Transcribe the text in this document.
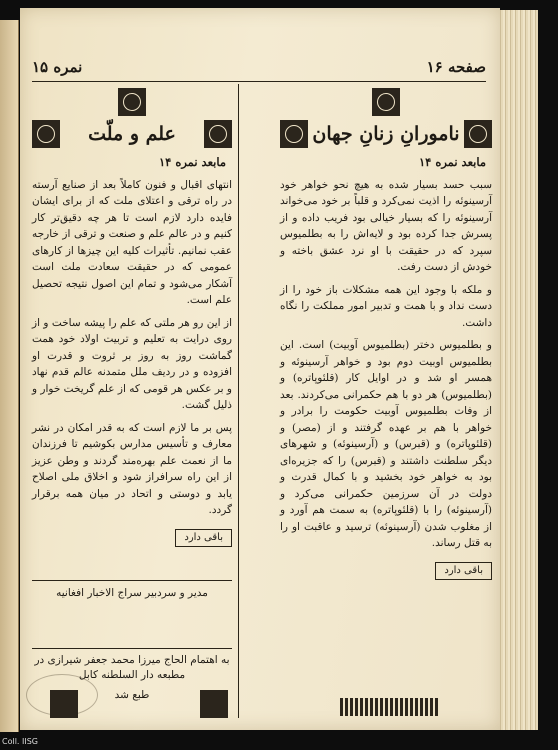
صفحه ۱۶
نمره ۱۵
نامورانِ زنانِ جهان
مابعد نمره ۱۴

سبب حسد بسیار شده به هیچ نحو خواهر خود آرسینوئه را اذیت نمی‌کرد و قلباً بر خود می‌خواند آرسینوئه را که بسیار خیالی بود فریب داده و از پسرش جدا کرده بود و لایه‌اش را به بطلمیوس سپرد که در حقیقت با او نرد عشق باخته و خودش از دست رفت.

و ملکه با وجود این همه مشکلات باز خود را از دست نداد و با همت و تدبیر امور مملکت را نگاه داشت.

و بطلمیوس دختر (بطلمیوس آوبیت) است. این بطلمیوس اوبیت دوم بود و خواهر آرسینوئه و همسر او شد و در اوایل کار (قلئوپاتره) و (بطلمیوس) هر دو با هم حکمرانی می‌کردند. بعد از وفات بطلمیوس آوبیت حکومت را برادر و خواهر با هم بر عهده گرفتند و از (مصر) و (قلئوپاتره) و (قبرس) و (آرسینوئه) و شهرهای دیگر سلطنت داشتند و (قبرس) را که جزیره‌ای بود به خواهر خود بخشید و با کمال قدرت و دولت در آن سرزمین حکمرانی می‌کرد و (آرسینوئه) را با (قلئوپاتره) به سمت هم آورد و از مغلوب شدن (آرسینوئه) ترسید و عاقبت او را به قتل رساند.

باقی دارد
علم و ملّت
مابعد نمره ۱۴

انتهای اقبال و فنون کاملاً بعد از صنایع آرسته در راه ترقی و اعتلای ملت که از برای ایشان فایده دارد لازم است تا هر چه دقیق‌تر کار کنیم و در عالم علم و صنعت و ترقی از خارجه عقب نمانیم. تأثیرات کلیه این چیزها از کارهای عمومی که در حقیقت سعادت ملت است آشکار می‌شود و تمام این اصول نتیجه تحصیل علم است.

از این رو هر ملتی که علم را پیشه ساخت و از روی درایت به تعلیم و تربیت اولاد خود همت گماشت روز به روز بر ثروت و قدرت او افزوده و در ردیف ملل متمدنه عالم قدم نهاد و بر عکس هر قومی که از علم گریخت خوار و ذلیل گشت.

پس بر ما لازم است که به قدر امکان در نشر معارف و تأسیس مدارس بکوشیم تا فرزندان ما از نعمت علم بهره‌مند گردند و وطن عزیز از این راه سرافراز شود و اخلاق ملی اصلاح یابد و دوستی و اتحاد در میان همه برقرار گردد.

باقی دارد
مدیر و سردبیر سراج الاخبار افغانیه
به اهتمام الحاج میرزا محمد جعفر شیرازی در مطبعه دار السلطنه کابل
طبع شد
Coll. IISG
